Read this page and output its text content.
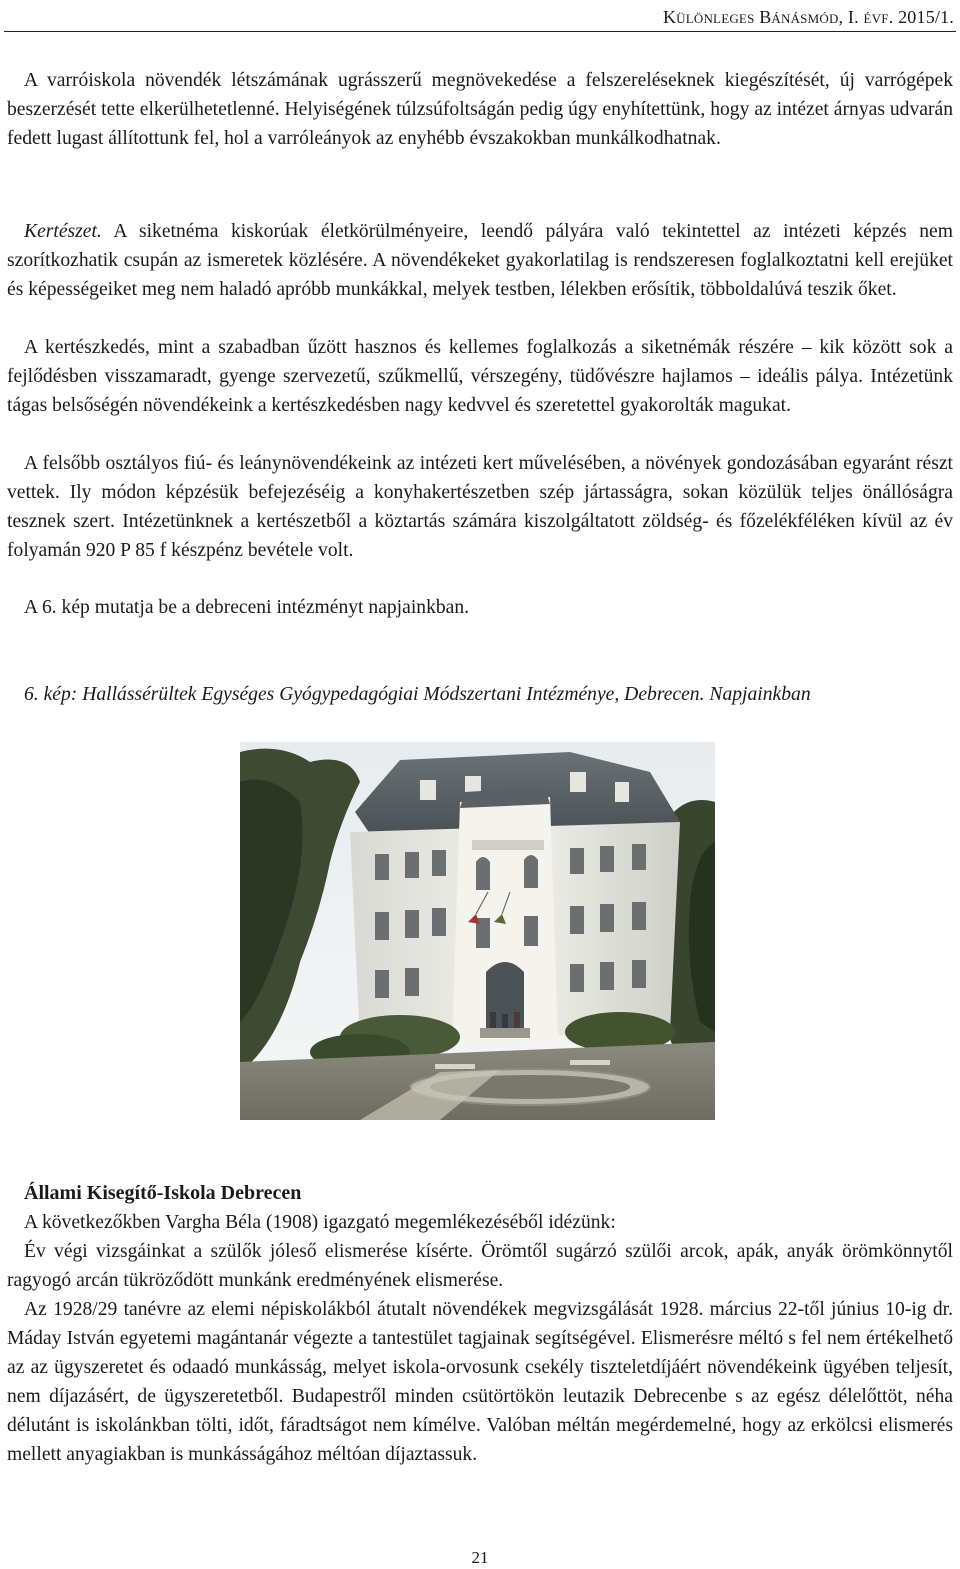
Különleges Bánásmód, I. évf. 2015/1.

A varróiskola növendék létszámának ugrásszerű megnövekedése a felszereléseknek kiegészítését, új varrógépek beszerzését tette elkerülhetetlenné. Helyiségének túlzsúfoltságán pedig úgy enyhítettünk, hogy az intézet árnyas udvarán fedett lugast állítottunk fel, hol a varróleányok az enyhébb évszakokban munkálkodhatnak.

Kertészet. A siketnéma kiskorúak életkörülményeire, leendő pályára való tekintettel az intézeti képzés nem szorítkozhatik csupán az ismeretek közlésére. A növendékeket gyakorlatilag is rendszeresen foglalkoztatni kell erejüket és képességeiket meg nem haladó apróbb munkákkal, melyek testben, lélekben erősítik, többoldalúvá teszik őket.

A kertészkedés, mint a szabadban űzött hasznos és kellemes foglalkozás a siketnémák részére – kik között sok a fejlődésben visszamaradt, gyenge szervezetű, szűkmellű, vérszegény, tüdővészre hajlamos – ideális pálya. Intézetünk tágas belsőségén növendékeink a kertészkedésben nagy kedvvel és szeretettel gyakorolták magukat.

A felsőbb osztályos fiú- és leánynövendékeink az intézeti kert művelésében, a növények gondozásában egyaránt részt vettek. Ily módon képzésük befejezéséig a konyhakertészetben szép jártasságra, sokan közülük teljes önállóságra tesznek szert. Intézetünknek a kertészetből a köztartás számára kiszolgáltatott zöldség- és főzelékféléken kívül az év folyamán 920 P 85 f készpénz bevétele volt.

A 6. kép mutatja be a debreceni intézményt napjainkban.

6. kép: Hallássérültek Egységes Gyógypedagógiai Módszertani Intézménye, Debrecen. Napjainkban

Állami Kisegítő-Iskola Debrecen

A következőkben Vargha Béla (1908) igazgató megemlékezéséből idézünk:

Év végi vizsgáinkat a szülők jóleső elismerése kísérte. Örömtől sugárzó szülői arcok, apák, anyák örömkönnytől ragyogó arcán tükröződött munkánk eredményének elismerése.

Az 1928/29 tanévre az elemi népiskolákból átutalt növendékek megvizsgálását 1928. március 22-től június 10-ig dr. Máday István egyetemi magántanár végezte a tantestület tagjainak segítségével. Elismerésre méltó s fel nem értékelhető az az ügyszeretet és odaadó munkásság, melyet iskola-orvosunk csekély tiszteletdíjáért növendékeink ügyében teljesít, nem díjazásért, de ügyszeretetből. Budapestről minden csütörtökön leutazik Debrecenbe s az egész délelőttöt, néha délutánt is iskolánkban tölti, időt, fáradtságot nem kímélve. Valóban méltán megérdemelné, hogy az erkölcsi elismerés mellett anyagiakban is munkásságához méltóan díjaztassuk.

21
